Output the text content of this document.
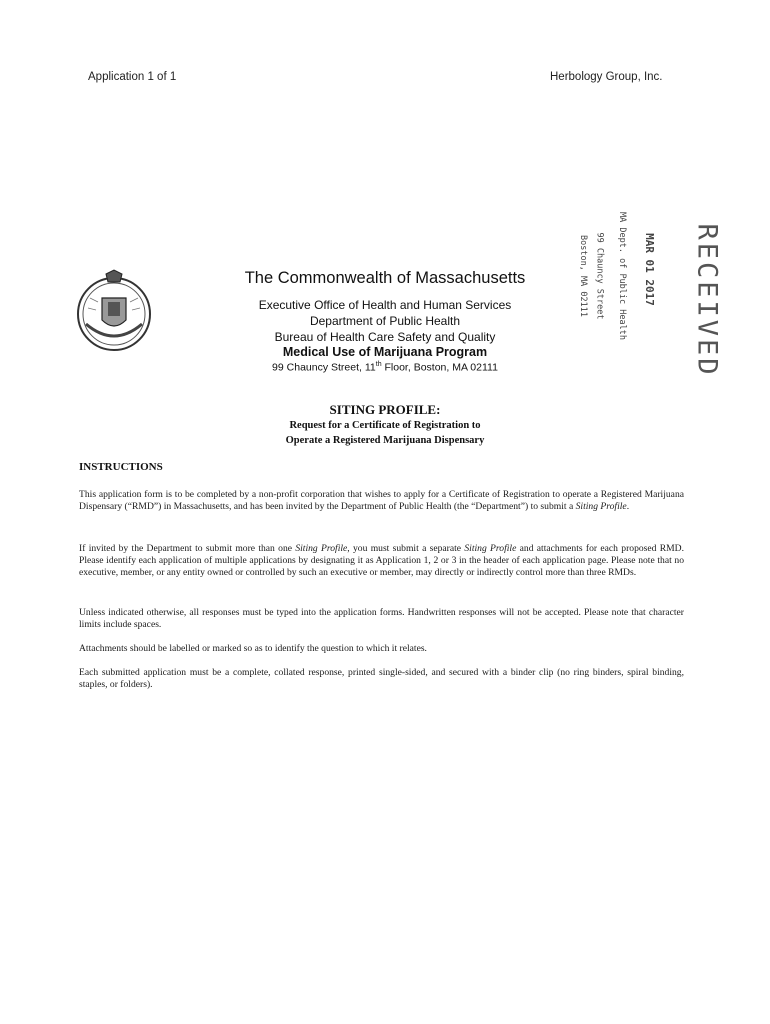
Application 1 of 1	Herbology Group, Inc.
The Commonwealth of Massachusetts
Executive Office of Health and Human Services
Department of Public Health
Bureau of Health Care Safety and Quality
Medical Use of Marijuana Program
99 Chauncy Street, 11th Floor, Boston, MA 02111	RECEIVED
MAR 01 2017
MA Dept. of Public Health
99 Chauncy Street
Boston, MA 02111
SITING PROFILE:
Request for a Certificate of Registration to
Operate a Registered Marijuana Dispensary
INSTRUCTIONS
This application form is to be completed by a non-profit corporation that wishes to apply for a Certificate of Registration to operate a Registered Marijuana Dispensary (“RMD”) in Massachusetts, and has been invited by the Department of Public Health (the “Department”) to submit a Siting Profile.
If invited by the Department to submit more than one Siting Profile, you must submit a separate Siting Profile and attachments for each proposed RMD. Please identify each application of multiple applications by designating it as Application 1, 2 or 3 in the header of each application page. Please note that no executive, member, or any entity owned or controlled by such an executive or member, may directly or indirectly control more than three RMDs.
Unless indicated otherwise, all responses must be typed into the application forms. Handwritten responses will not be accepted. Please note that character limits include spaces.
Attachments should be labelled or marked so as to identify the question to which it relates.
Each submitted application must be a complete, collated response, printed single-sided, and secured with a binder clip (no ring binders, spiral binding, staples, or folders).
